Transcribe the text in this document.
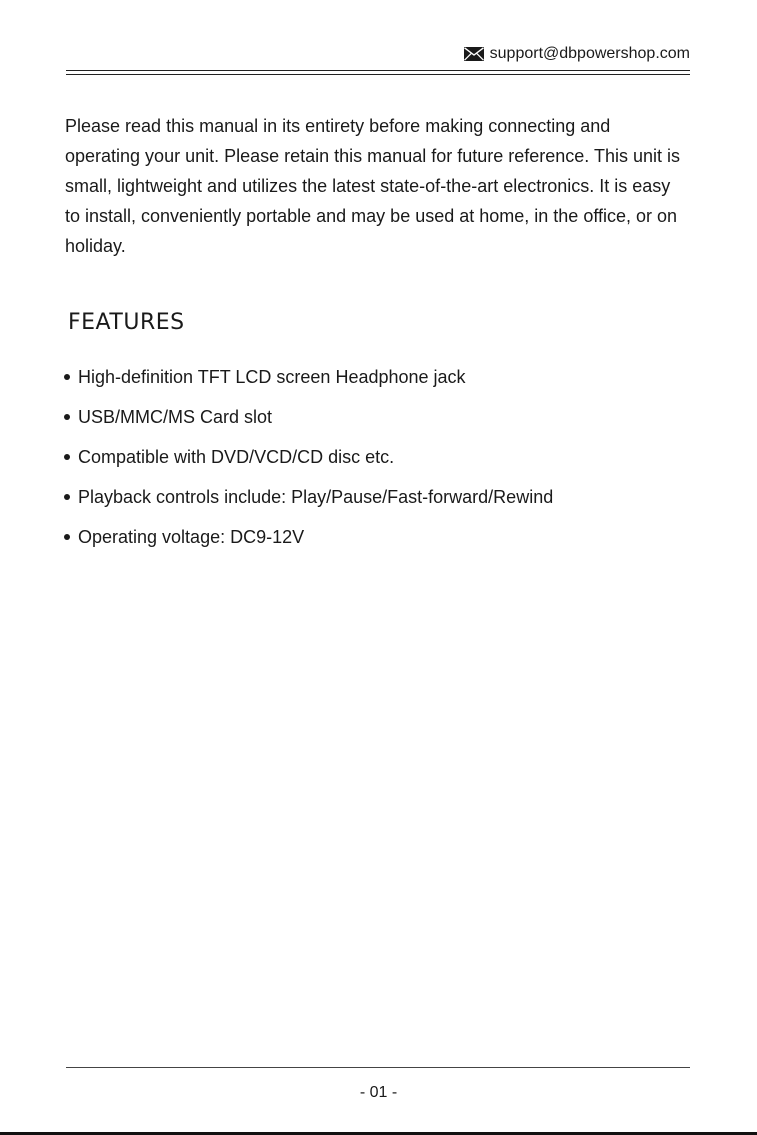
support@dbpowershop.com

Please read this manual in its entirety before making connecting and operating your unit. Please retain this manual for future reference. This unit is small, lightweight and utilizes the latest state-of-the-art electronics. It is easy to install, conveniently portable and may be used at home, in the office, or on holiday.

FEATURES
High-definition TFT LCD screen Headphone jack
USB/MMC/MS Card slot
Compatible with DVD/VCD/CD disc etc.
Playback controls include: Play/Pause/Fast-forward/Rewind
Operating voltage: DC9-12V
- 01 -
